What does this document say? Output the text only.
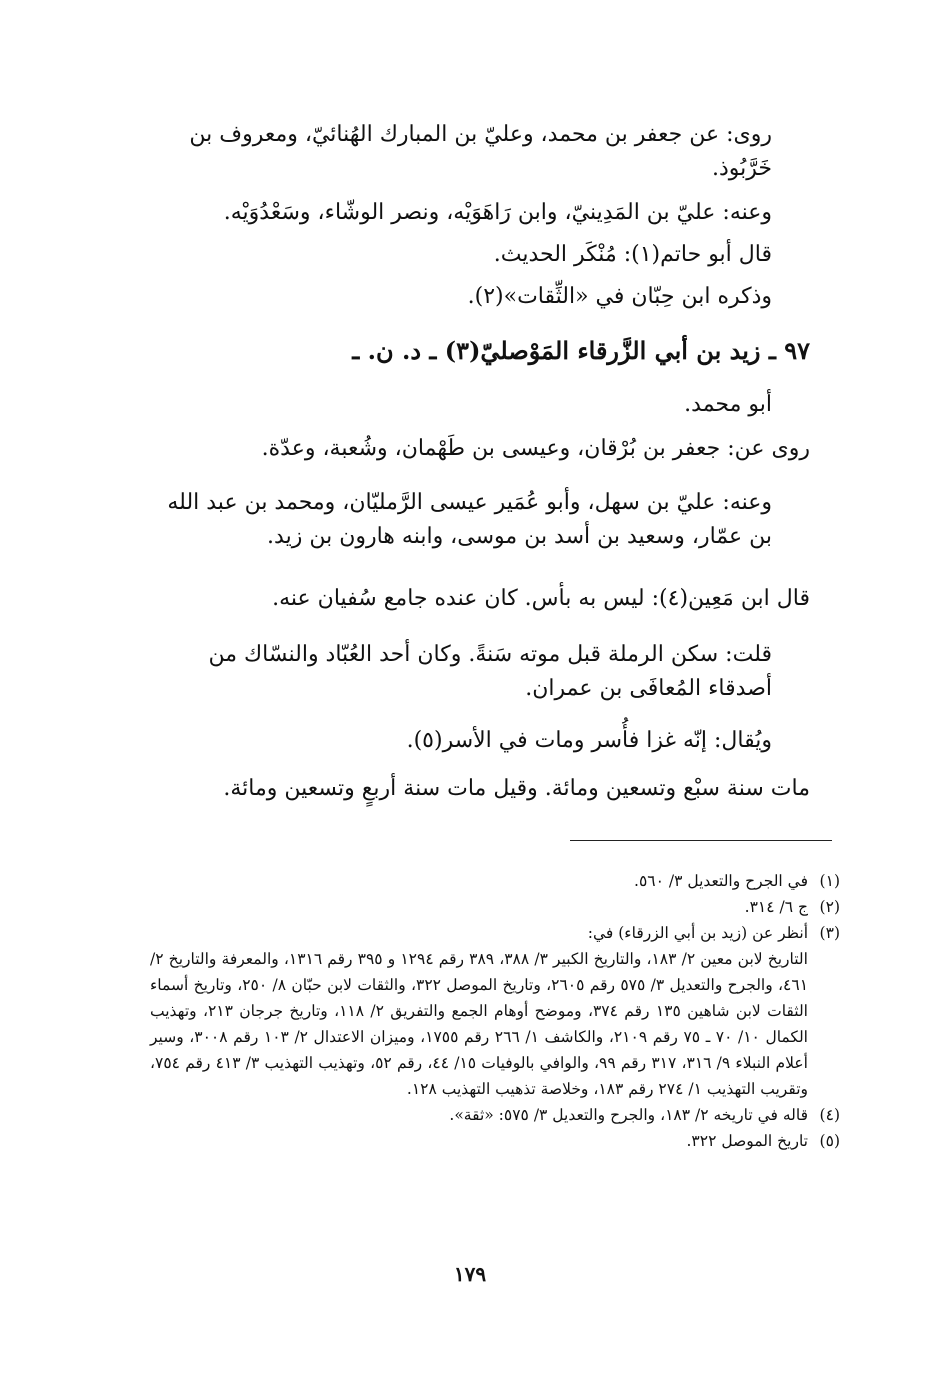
روى: عن جعفر بن محمد، وعليّ بن المبارك الهُنائيّ، ومعروف بن خَرَّبُوذ.

وعنه: عليّ بن المَدِينيّ، وابن رَاهَوَيْه، ونصر الوشّاء، وسَعْدُوَيْه.

قال أبو حاتم(١): مُنْكَر الحديث.

وذكره ابن حِبّان في «الثِّقات»(٢).

٩٧ ـ زيد بن أبي الزَّرقاء المَوْصليّ(٣) ـ د. ن. ـ

أبو محمد.

روى عن: جعفر بن بُرْقان، وعيسى بن طَهْمان، وشُعبة، وعدّة.

وعنه: عليّ بن سهل، وأبو عُمَير عيسى الرَّمليّان، ومحمد بن عبد الله بن عمّار، وسعيد بن أسد بن موسى، وابنه هارون بن زيد.

قال ابن مَعِين(٤): ليس به بأس. كان عنده جامع سُفيان عنه.

قلت: سكن الرملة قبل موته سَنةً. وكان أحد العُبّاد والنسّاك من أصدقاء المُعافَى بن عمران.

ويُقال: إنّه غزا فأُسر ومات في الأسر(٥).

مات سنة سبْع وتسعين ومائة. وقيل مات سنة أربعٍ وتسعين ومائة.

(١)
في الجرح والتعديل ٣/ ٥٦٠.
(٢)
ج ٦/ ٣١٤.
(٣)
أنظر عن (زيد بن أبي الزرقاء) في:
التاريخ لابن معين ٢/ ١٨٣، والتاريخ الكبير ٣/ ٣٨٨، ٣٨٩ رقم ١٢٩٤ و ٣٩٥ رقم ١٣١٦، والمعرفة والتاريخ ٢/ ٤٦١، والجرح والتعديل ٣/ ٥٧٥ رقم ٢٦٠٥، وتاريخ الموصل ٣٢٢، والثقات لابن حبّان ٨/ ٢٥٠، وتاريخ أسماء الثقات لابن شاهين ١٣٥ رقم ٣٧٤، وموضح أوهام الجمع والتفريق ٢/ ١١٨، وتاريخ جرجان ٢١٣، وتهذيب الكمال ١٠/ ٧٠ ـ ٧٥ رقم ٢١٠٩، والكاشف ١/ ٢٦٦ رقم ١٧٥٥، وميزان الاعتدال ٢/ ١٠٣ رقم ٣٠٠٨، وسير أعلام النبلاء ٩/ ٣١٦، ٣١٧ رقم ٩٩، والوافي بالوفيات ١٥/ ٤٤، رقم ٥٢، وتهذيب التهذيب ٣/ ٤١٣ رقم ٧٥٤، وتقريب التهذيب ١/ ٢٧٤ رقم ١٨٣، وخلاصة تذهيب التهذيب ١٢٨.
(٤)
قاله في تاريخه ٢/ ١٨٣، والجرح والتعديل ٣/ ٥٧٥: «ثقة».
(٥)
تاريخ الموصل ٣٢٢.
١٧٩
